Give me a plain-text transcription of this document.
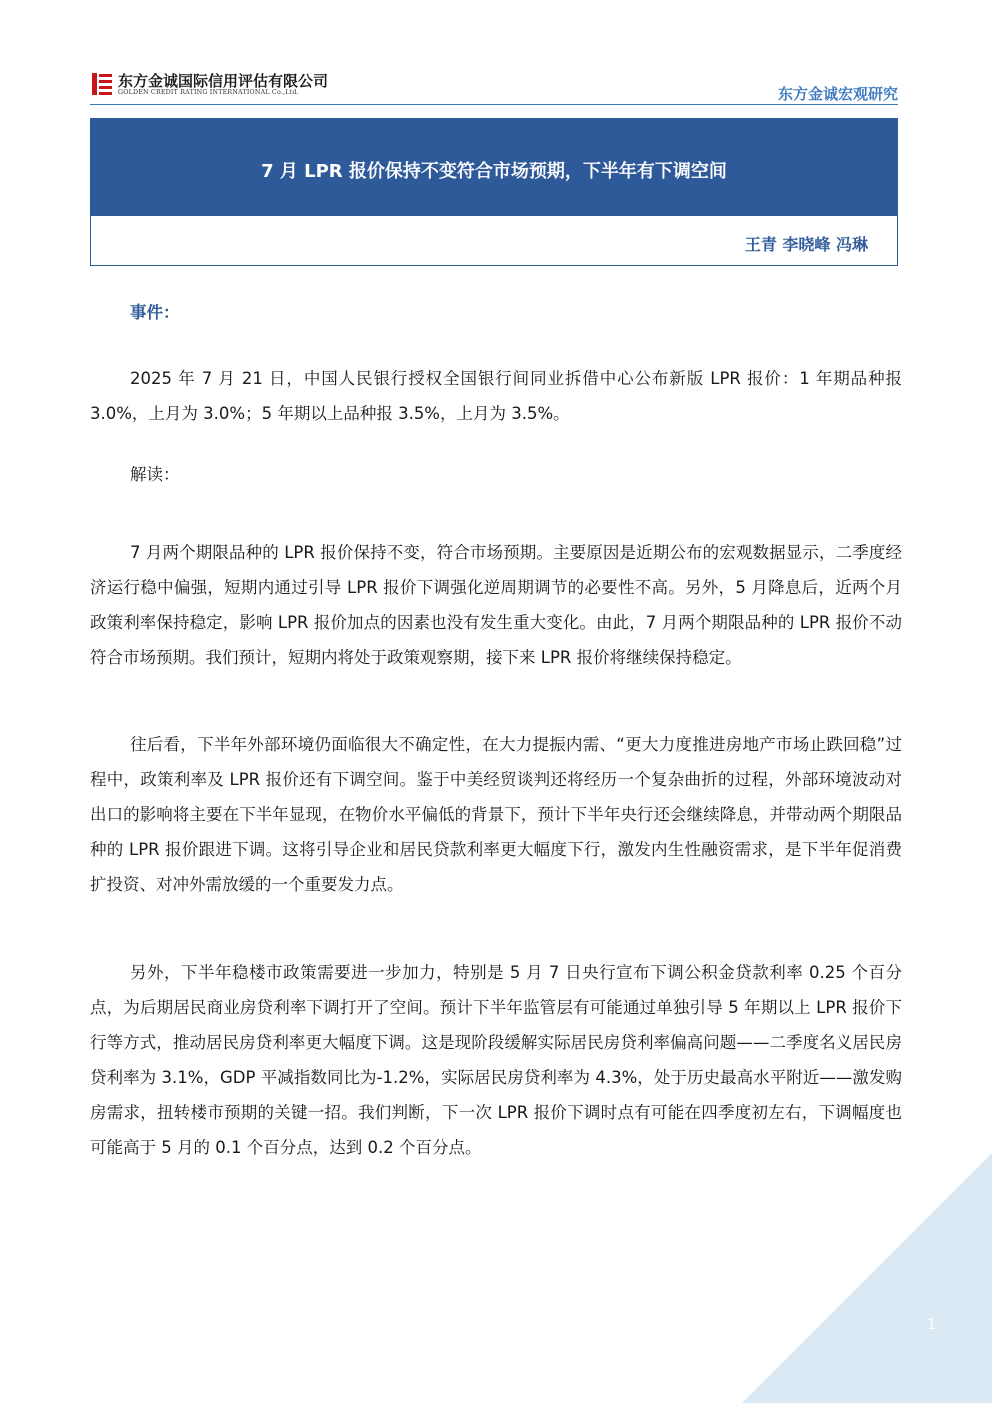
东方金诚国际信用评估有限公司
GOLDEN CREDIT RATING INTERNATIONAL Co.,Ltd.	东方金诚宏观研究
7 月 LPR 报价保持不变符合市场预期，下半年有下调空间
王青 李晓峰 冯琳
事件：

2025 年 7 月 21 日，中国人民银行授权全国银行间同业拆借中心公布新版 LPR 报价：1 年期品种报 3.0%，上月为 3.0%；5 年期以上品种报 3.5%，上月为 3.5%。

解读：

7 月两个期限品种的 LPR 报价保持不变，符合市场预期。主要原因是近期公布的宏观数据显示，二季度经济运行稳中偏强，短期内通过引导 LPR 报价下调强化逆周期调节的必要性不高。另外，5 月降息后，近两个月政策利率保持稳定，影响 LPR 报价加点的因素也没有发生重大变化。由此，7 月两个期限品种的 LPR 报价不动符合市场预期。我们预计，短期内将处于政策观察期，接下来 LPR 报价将继续保持稳定。

往后看，下半年外部环境仍面临很大不确定性，在大力提振内需、“更大力度推进房地产市场止跌回稳”过程中，政策利率及 LPR 报价还有下调空间。鉴于中美经贸谈判还将经历一个复杂曲折的过程，外部环境波动对出口的影响将主要在下半年显现，在物价水平偏低的背景下，预计下半年央行还会继续降息，并带动两个期限品种的 LPR 报价跟进下调。这将引导企业和居民贷款利率更大幅度下行，激发内生性融资需求，是下半年促消费扩投资、对冲外需放缓的一个重要发力点。

另外，下半年稳楼市政策需要进一步加力，特别是 5 月 7 日央行宣布下调公积金贷款利率 0.25 个百分点，为后期居民商业房贷利率下调打开了空间。预计下半年监管层有可能通过单独引导 5 年期以上 LPR 报价下行等方式，推动居民房贷利率更大幅度下调。这是现阶段缓解实际居民房贷利率偏高问题——二季度名义居民房贷利率为 3.1%，GDP 平减指数同比为-1.2%，实际居民房贷利率为 4.3%，处于历史最高水平附近——激发购房需求，扭转楼市预期的关键一招。我们判断，下一次 LPR 报价下调时点有可能在四季度初左右，下调幅度也可能高于 5 月的 0.1 个百分点，达到 0.2 个百分点。

1
